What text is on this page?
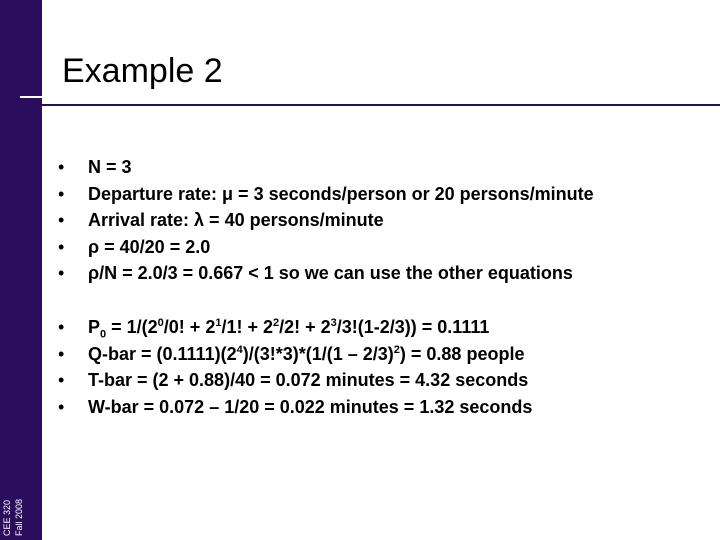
CEE 320 Fall 2008
Example 2
• N = 3
• Departure rate: μ = 3 seconds/person or 20 persons/minute
• Arrival rate: λ = 40 persons/minute
• ρ = 40/20 = 2.0
• ρ/N = 2.0/3 = 0.667 < 1 so we can use the other equations
• $P_0 = 1/(2^0/0$! + $2^1/1$! + $2^2/2$! + $2^3/3!(1-2/3)) = 0.1111$
• $Q-bar = (0.1111)(2^4)/(3!*3)*(1/(1 - 2/3)^2) = 0.88$ people
• T-bar = (2 + 0.88)/40 = 0.072 minutes = 4.32 seconds
• W-bar = 0.072 – 1/20 = 0.022 minutes = 1.32 seconds
